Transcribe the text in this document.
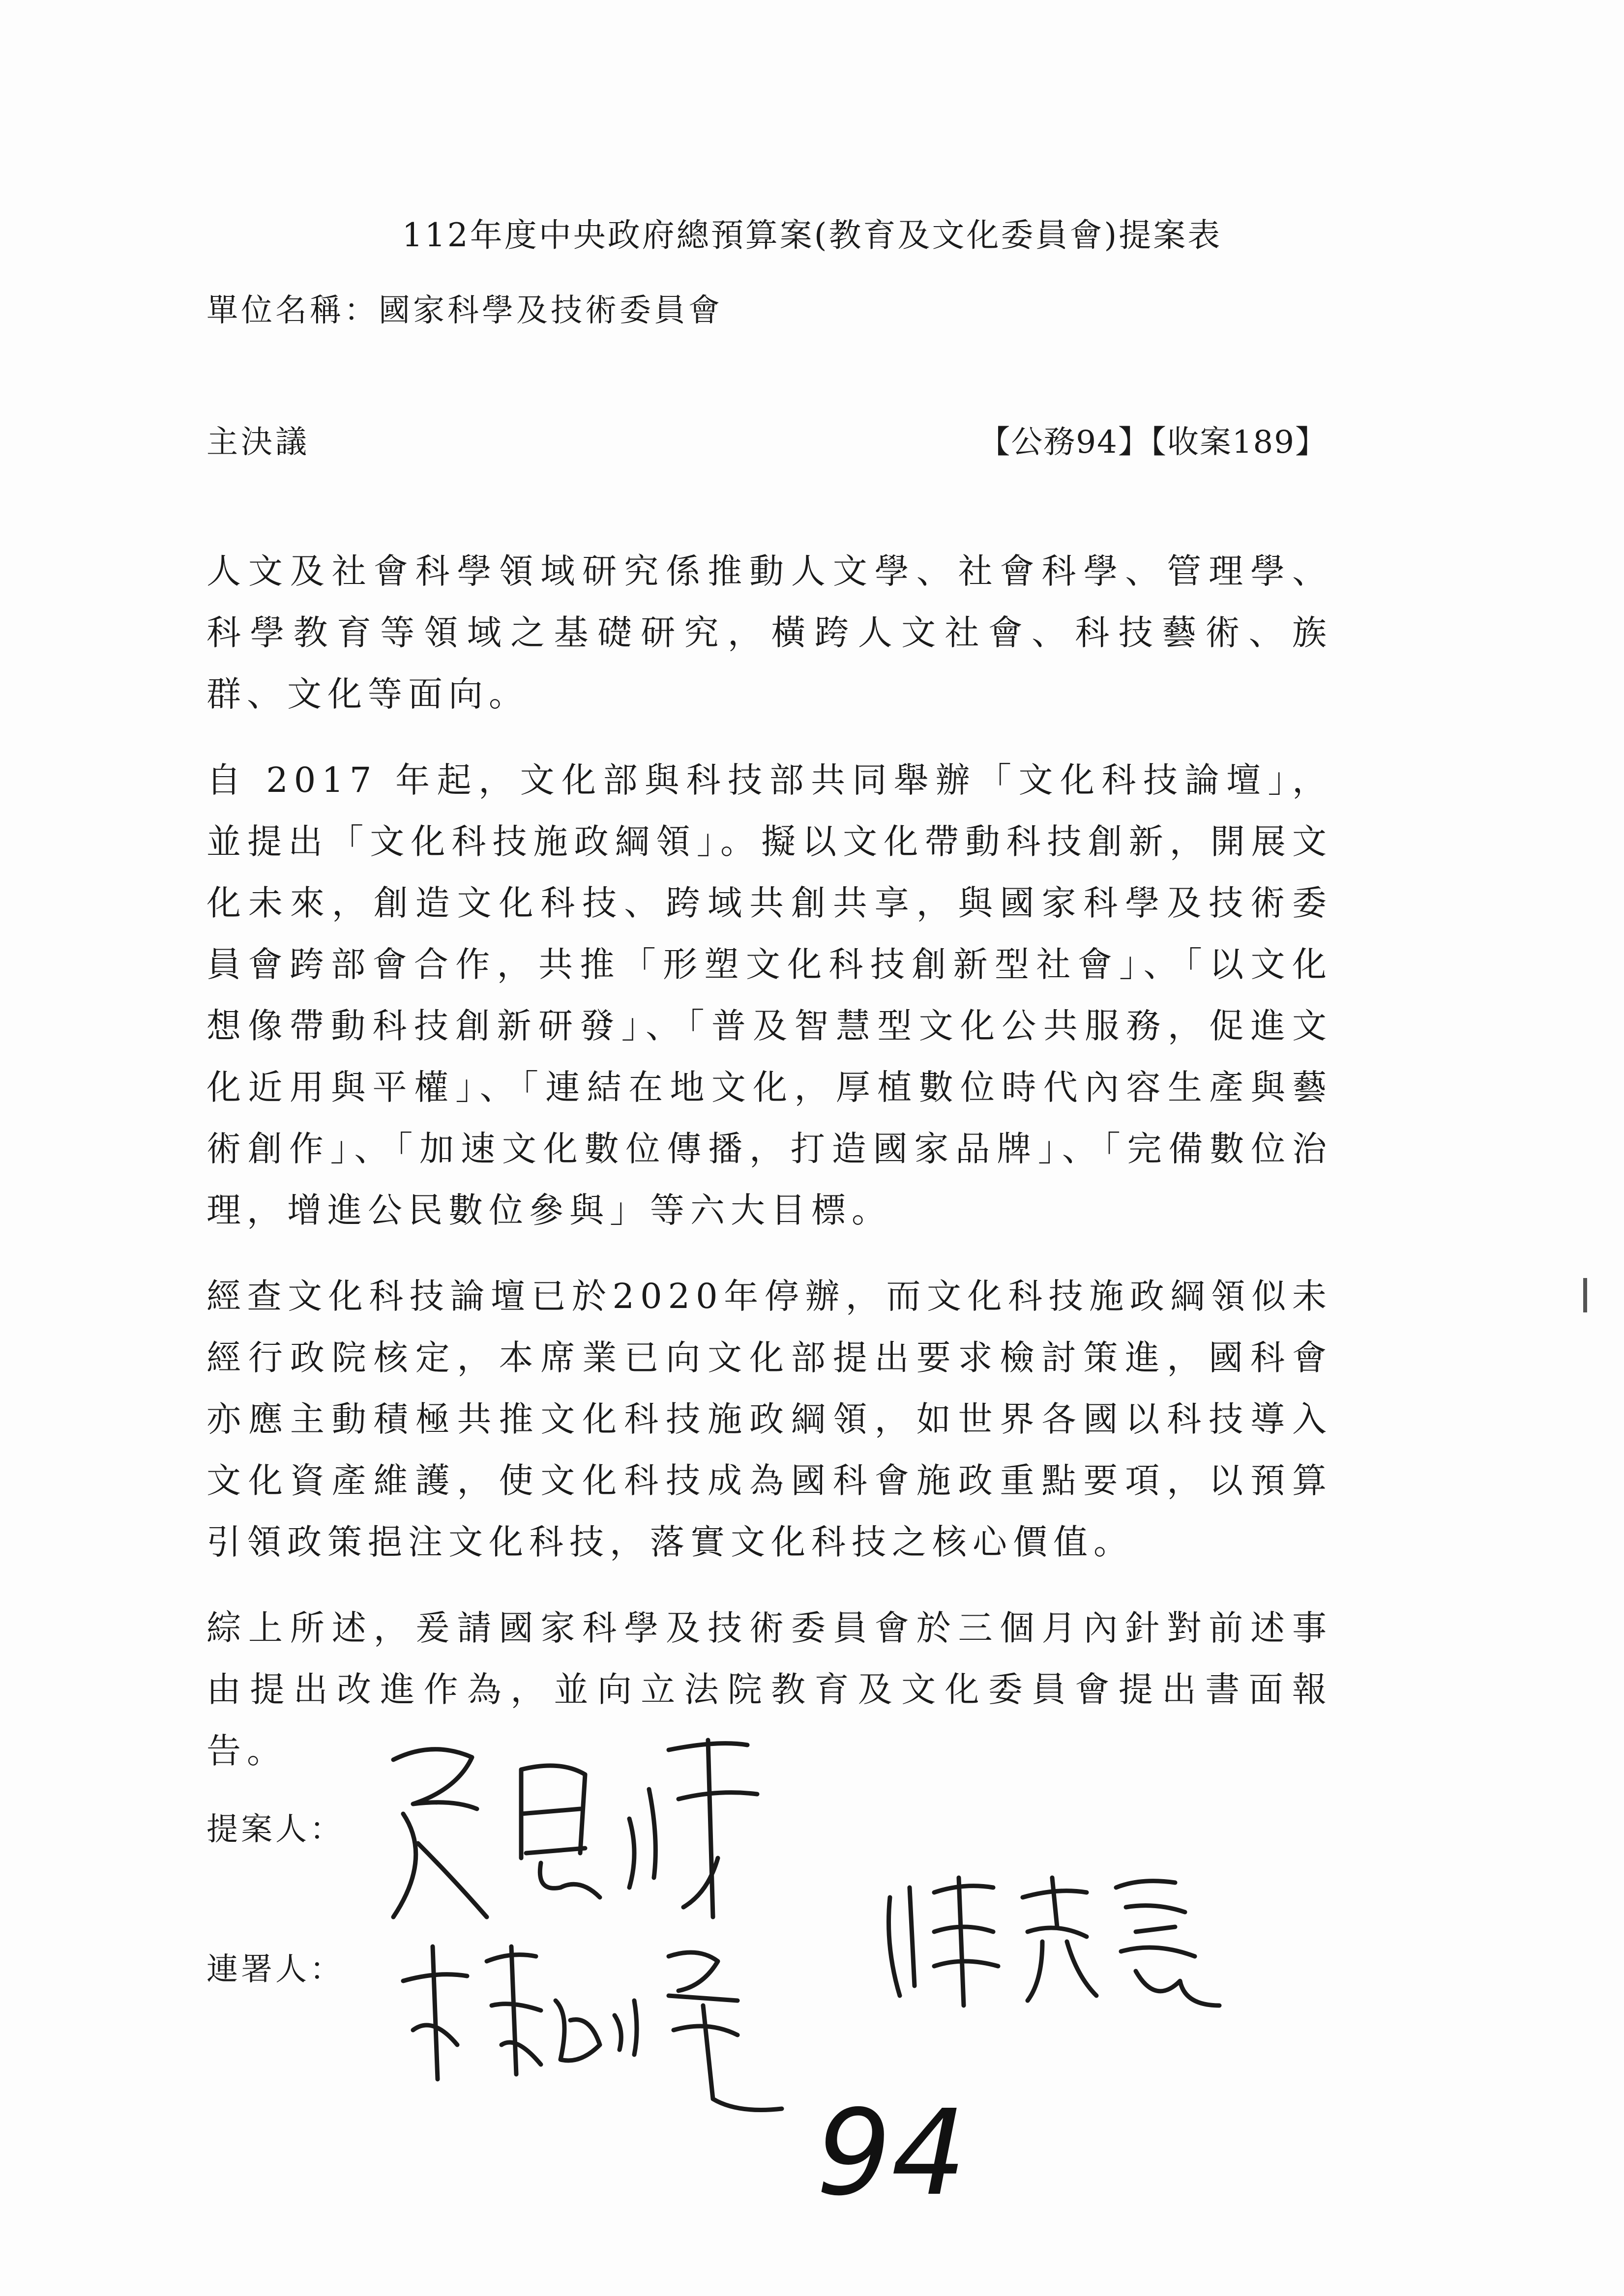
112年度中央政府總預算案(教育及文化委員會)提案表
單位名稱：國家科學及技術委員會
主決議	【公務94】【收案189】

人文及社會科學領域研究係推動人文學、社會科學、管理學、科學教育等領域之基礎研究，橫跨人文社會、科技藝術、族群、文化等面向。

自 2017 年起，文化部與科技部共同舉辦「文化科技論壇」，並提出「文化科技施政綱領」。擬以文化帶動科技創新，開展文化未來，創造文化科技、跨域共創共享，與國家科學及技術委員會跨部會合作，共推「形塑文化科技創新型社會」、「以文化想像帶動科技創新研發」、「普及智慧型文化公共服務，促進文化近用與平權」、「連結在地文化，厚植數位時代內容生產與藝術創作」、「加速文化數位傳播，打造國家品牌」、「完備數位治理，增進公民數位參與」等六大目標。

經查文化科技論壇已於2020年停辦，而文化科技施政綱領似未經行政院核定，本席業已向文化部提出要求檢討策進，國科會亦應主動積極共推文化科技施政綱領，如世界各國以科技導入文化資產維護，使文化科技成為國科會施政重點要項，以預算引領政策挹注文化科技，落實文化科技之核心價值。

綜上所述，爰請國家科學及技術委員會於三個月內針對前述事由提出改進作為，並向立法院教育及文化委員會提出書面報告。

提案人：
連署人：
94
